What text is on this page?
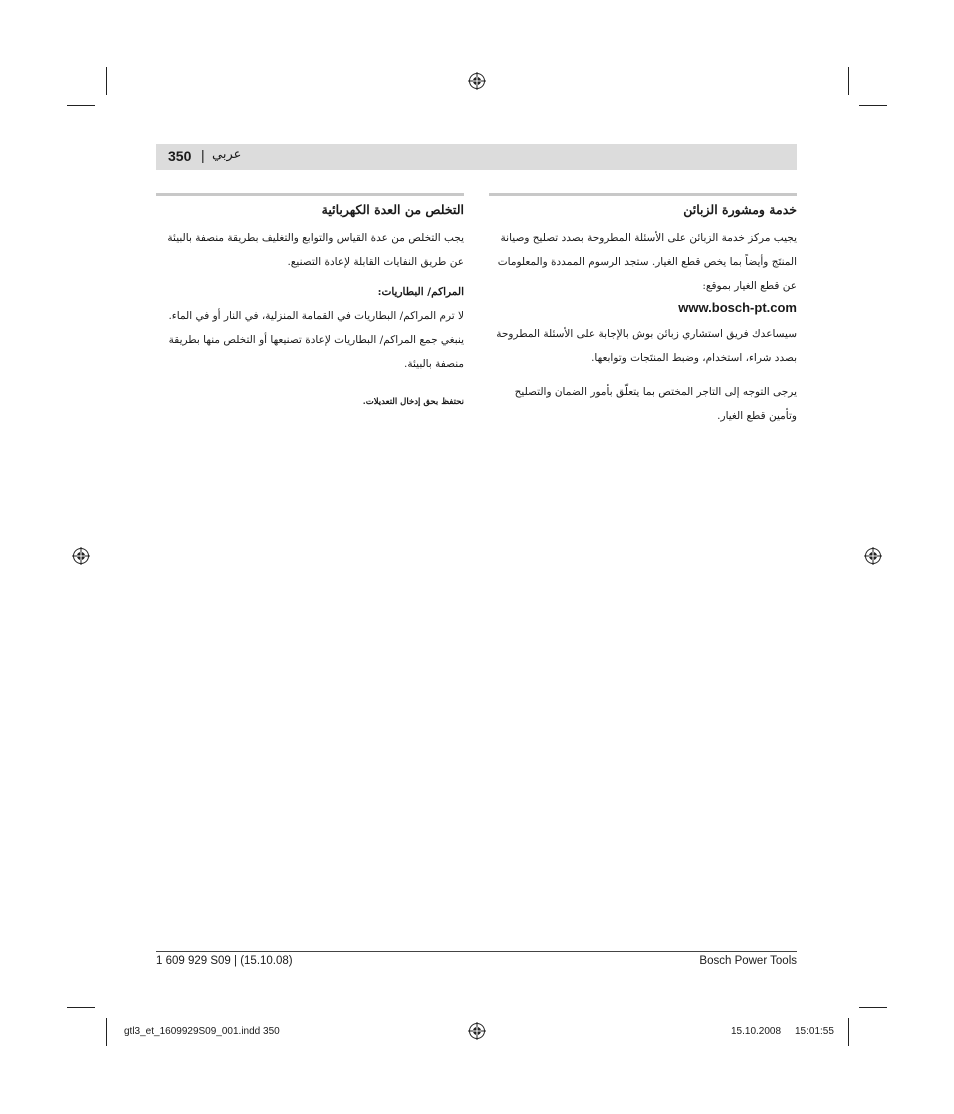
350 | عربي
خدمة ومشورة الزبائن

يجيب مركز خدمة الزبائن على الأسئلة المطروحة بصدد تصليح وصيانة المنتَج وأيضاً بما يخص قطع الغيار. ستجد الرسوم الممددة والمعلومات عن قطع الغيار بموقع:

www.bosch-pt.com

سيساعدك فريق استشاري زبائن بوش بالإجابة على الأسئلة المطروحة بصدد شراء، استخدام، وضبط المنتَجات وتوابعها.

يرجى التوجه إلى التاجر المختص بما يتعلّق بأمور الضمان والتصليح وتأمين قطع الغيار.

التخلص من العدة الكهربائية

يجب التخلص من عدة القياس والتوابع والتغليف بطريقة منصفة بالبيئة عن طريق النفايات القابلة لإعادة التصنيع.

المراكم/ البطاريات:

لا ترم المراكم/ البطاريات في القمامة المنزلية، في النار أو في الماء. ينبغي جمع المراكم/ البطاريات لإعادة تصنيعها أو التخلص منها بطريقة منصفة بالبيئة.

نحتفظ بحق إدخال التعديلات.

1 609 929 S09 | (15.10.08)	Bosch Power Tools
gtl3_et_1609929S09_001.indd 350	15.10.2008 15:01:55
